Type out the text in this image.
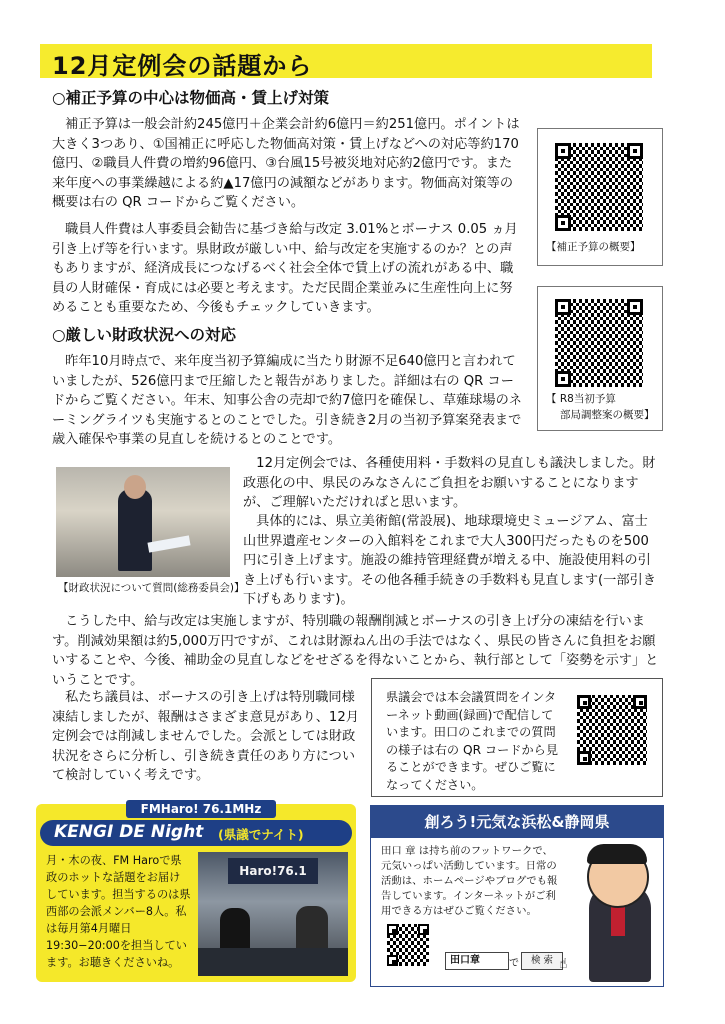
12月定例会の話題から
○補正予算の中心は物価高・賃上げ対策
　補正予算は一般会計約245億円＋企業会計約6億円＝約251億円。ポイントは大きく3つあり、①国補正に呼応した物価高対策・賃上げなどへの対応等約170億円、②職員人件費の増約96億円、③台風15号被災地対応約2億円です。また来年度への事業繰越による約▲17億円の減額などがあります。物価高対策等の概要は右の QR コードからご覧ください。
　職員人件費は人事委員会勧告に基づき給与改定 3.01%とボーナス 0.05 ヵ月引き上げ等を行います。県財政が厳しい中、給与改定を実施するのか？との声もありますが、経済成長につなげるべく社会全体で賃上げの流れがある中、職員の人財確保・育成には必要と考えます。ただ民間企業並みに生産性向上に努めることも重要なため、今後もチェックしていきます。
【補正予算の概要】
【 R8当初予算
部局調整案の概要】
○厳しい財政状況への対応
　昨年10月時点で、来年度当初予算編成に当たり財源不足640億円と言われていましたが、526億円まで圧縮したと報告がありました。詳細は右の QR コードからご覧ください。年末、知事公舎の売却で約7億円を確保し、草薙球場のネーミングライツも実施するとのことでした。引き続き2月の当初予算案発表まで歳入確保や事業の見直しを続けるとのことです。
【財政状況について質問(総務委員会)】
　12月定例会では、各種使用料・手数料の見直しも議決しました。財政悪化の中、県民のみなさんにご負担をお願いすることになりますが、ご理解いただければと思います。
　具体的には、県立美術館(常設展)、地球環境史ミュージアム、富士山世界遺産センターの入館料をこれまで大人300円だったものを500円に引き上げます。施設の維持管理経費が増える中、施設使用料の引き上げも行います。その他各種手続きの手数料も見直します(一部引き下げもあります)。
　こうした中、給与改定は実施しますが、特別職の報酬削減とボーナスの引き上げ分の凍結を行います。削減効果額は約5,000万円ですが、これは財源ねん出の手法ではなく、県民の皆さんに負担をお願いすることや、今後、補助金の見直しなどをせざるを得ないことから、執行部として「姿勢を示す」ということです。
　私たち議員は、ボーナスの引き上げは特別職同様凍結しましたが、報酬はさまざま意見があり、12月定例会では削減しませんでした。会派としては財政状況をさらに分析し、引き続き責任のあり方について検討していく考えです。
県議会では本会議質問をインターネット動画(録画)で配信しています。田口のこれまでの質問の様子は右の QR コードから見ることができます。ぜひご覧になってください。
FMHaro! 76.1MHz
KENGI DE Night (県議でナイト)
月・木の夜、FM Haroで県政のホットな話題をお届けしています。担当するのは県西部の会派メンバー8人。私は毎月第4月曜日19:30−20:00を担当しています。お聴きくださいね。
Haro!76.1
創ろう!元気な浜松&静岡県
田口 章 は持ち前のフットワークで、元気いっぱい活動しています。日常の活動は、ホームページやブログでも報告しています。インターネットがご利用できる方はぜひご覧ください。
田口章	で	検 索 ☝
